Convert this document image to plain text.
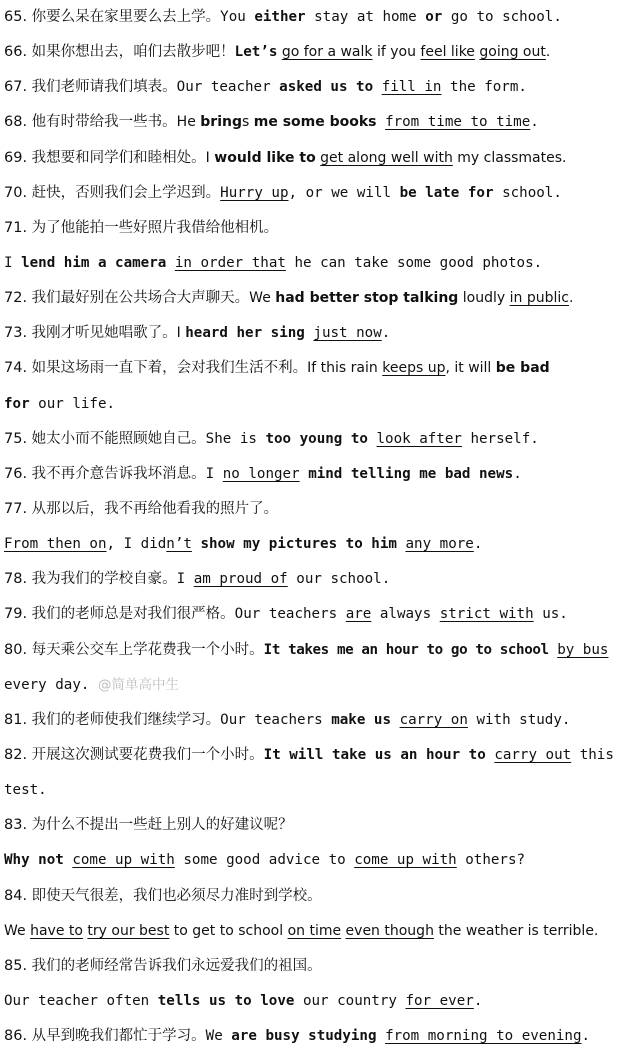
65. 你要么呆在家里要么去上学。You either stay at home or go to school.
66. 如果你想出去，咱们去散步吧！Let’s go for a walk if you feel like going out.
67. 我们老师请我们填表。Our teacher asked us to fill in the form.
68. 他有时带给我一些书。He brings me some books from time to time.
69. 我想要和同学们和睦相处。I would like to get along well with my classmates.
70. 赶快，否则我们会上学迟到。Hurry up, or we will be late for school.
71. 为了他能拍一些好照片我借给他相机。
I lend him a camera in order that he can take some good photos.
72. 我们最好别在公共场合大声聊天。We had better stop talking loudly in public.
73. 我刚才听见她唱歌了。I heard her sing just now.
74. 如果这场雨一直下着，会对我们生活不利。If this rain keeps up, it will be bad
for our life.
75. 她太小而不能照顾她自己。She is too young to look after herself.
76. 我不再介意告诉我坏消息。I no longer mind telling me bad news.
77. 从那以后，我不再给他看我的照片了。
From then on, I didn’t show my pictures to him any more.
78. 我为我们的学校自豪。I am proud of our school.
79. 我们的老师总是对我们很严格。Our teachers are always strict with us.
80. 每天乘公交车上学花费我一个小时。It takes me an hour to go to school by bus
every day. @简单高中生
81. 我们的老师使我们继续学习。Our teachers make us carry on with study.
82. 开展这次测试要花费我们一个小时。It will take us an hour to carry out this
test.
83. 为什么不提出一些赶上别人的好建议呢？
Why not come up with some good advice to come up with others?
84. 即使天气很差，我们也必须尽力准时到学校。
We have to try our best to get to school on time even though the weather is terrible.
85. 我们的老师经常告诉我们永远爱我们的祖国。
Our teacher often tells us to love our country for ever.
86. 从早到晚我们都忙于学习。We are busy studying from morning to evening.
